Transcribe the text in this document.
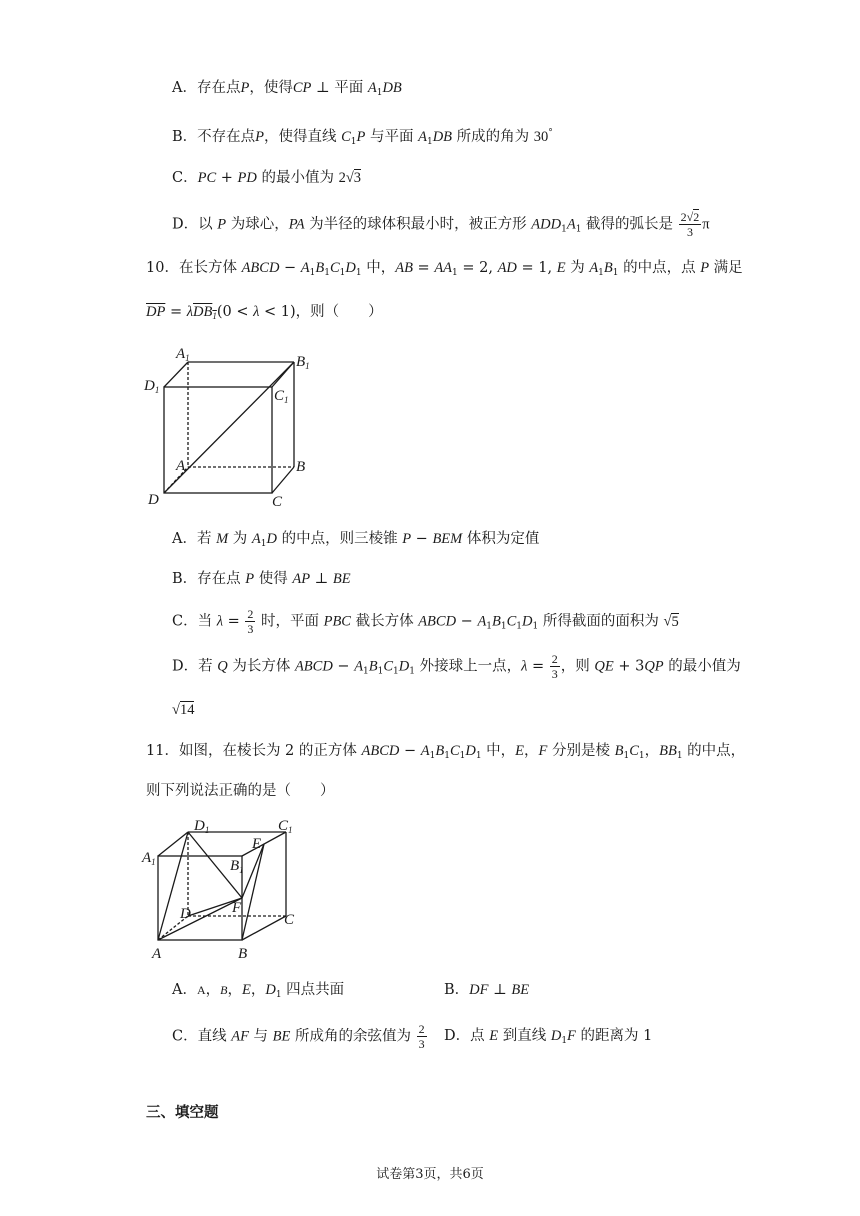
A．存在点P，使得CP ⊥ 平面 $A_1DB$
B．不存在点P，使得直线 $C_1P$ 与平面 $A_1DB$ 所成的角为 30°
C．PC + PD 的最小值为 2√3
D．以 P 为球心，PA 为半径的球体积最小时，被正方形 $ADD_1A_1$ 截得的弧长是 $\frac{2√2}{3}$ π
10．在长方体 ABCD − $A_1B_1C_1D_1$ 中，AB = $AA_1 = 2$, AD = 1, E 为 $A_1B_1$ 的中点，点 P 满足
$\overline{DP} = \lambda DB_1(0 < \lambda < 1)$，则（　　）
$A_1$	$B_1$
$D_1$	$C_1$
A	B
D	C
A．若 M 为 $A_1D$ 的中点，则三棱锥 P − BEM 体积为定值
B．存在点 P 使得 AP ⊥ BE
C．当 $\lambda = \frac{2}{3}$ 时，平面 PBC 截长方体 ABCD − $A_1B_1C_1D_1$ 所得截面的面积为 √5
D．若 Q 为长方体 ABCD − $A_1B_1C_1D_1$ 外接球上一点，$\lambda = \frac{2}{3}$ ，则 QE + 3QP 的最小值为
√14
11．如图，在棱长为 2 的正方体 ABCD − $A_1B_1C_1D_1$ 中，E，F 分别是棱 $B_1C_1$，$BB_1$ 的中点，
则下列说法正确的是（　　）
$D_1$	$C_1$
$A_1$
E
$B_1$
F
D	C
A	B
A．A，B，E，$D_1$ 四点共面	B．DF ⊥ BE
C．直线 AF 与 BE 所成角的余弦值为 $\frac{2}{3}$ D．点 E 到直线 $D_1F$ 的距离为 1
三、填空题
试卷第3页，共6页
